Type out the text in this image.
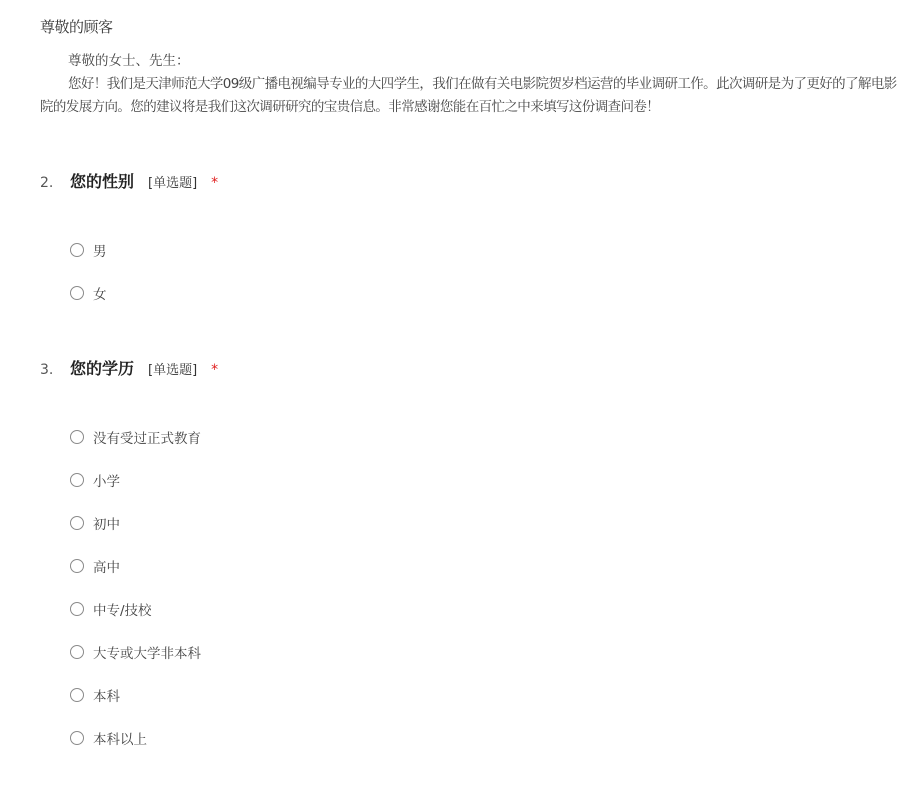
尊敬的顾客
尊敬的女士、先生：
您好！我们是天津师范大学09级广播电视编导专业的大四学生，我们在做有关电影院贺岁档运营的毕业调研工作。此次调研是为了更好的了解电影院的发展方向。您的建议将是我们这次调研研究的宝贵信息。非常感谢您能在百忙之中来填写这份调查问卷！
2.	您的性别 [单选题] *
男
女
3.	您的学历 [单选题] *
没有受过正式教育
小学
初中
高中
中专/技校
大专或大学非本科
本科
本科以上
